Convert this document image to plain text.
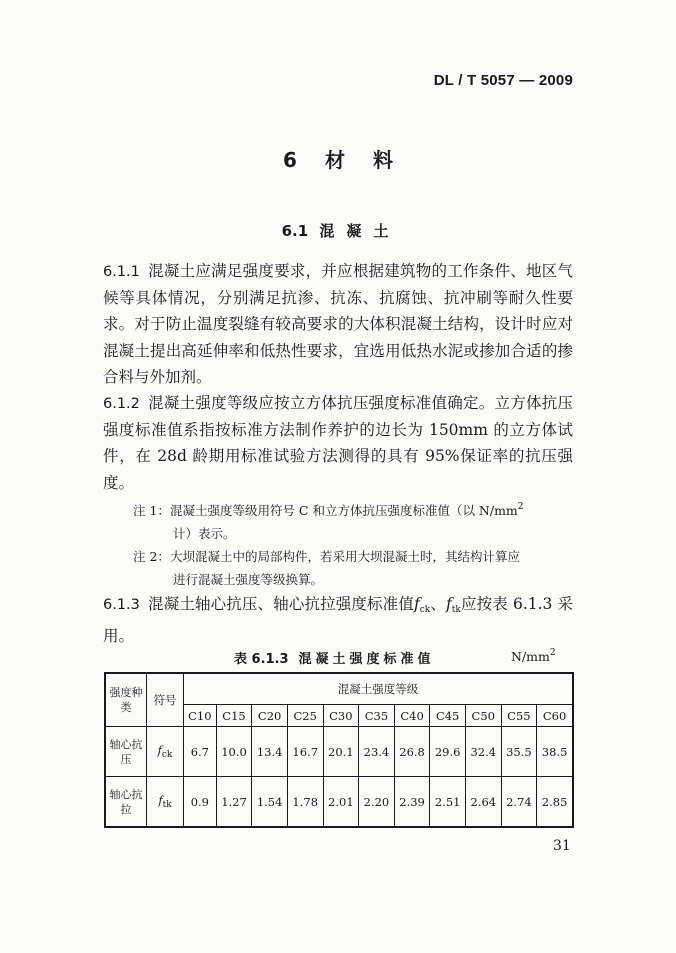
DL / T 5057 — 2009
6 材 料
6.1 混 凝 土

6.1.1 混凝土应满足强度要求，并应根据建筑物的工作条件、地区气候等具体情况，分别满足抗渗、抗冻、抗腐蚀、抗冲刷等耐久性要求。对于防止温度裂缝有较高要求的大体积混凝土结构，设计时应对混凝土提出高延伸率和低热性要求，宜选用低热水泥或掺加合适的掺合料与外加剂。

6.1.2 混凝土强度等级应按立方体抗压强度标准值确定。立方体抗压强度标准值系指按标准方法制作养护的边长为 150mm 的立方体试件，在 28d 龄期用标准试验方法测得的具有 95%保证率的抗压强度。

注 1：混凝土强度等级用符号 C 和立方体抗压强度标准值（以 $N/mm^2$
计）表示。
注 2：大坝混凝土中的局部构件，若采用大坝混凝土时，其结构计算应
进行混凝土强度等级换算。

6.1.3 混凝土轴心抗压、轴心抗拉强度标准值$f_{ck}$、$f_{tk}$应按表 6.1.3 采用。

表 6.1.3 混凝土强度标准值	$N/mm^2$
强度种类	符号	混凝土强度等级										
		C10	C15	C20	C25	C30	C35	C40	C45	C50	C55	C60
轴心抗压	$f_{ck}$	6.7	10.0	13.4	16.7	20.1	23.4	26.8	29.6	32.4	35.5	38.5
轴心抗拉	$f_{tk}$	0.9	1.27	1.54	1.78	2.01	2.20	2.39	2.51	2.64	2.74	2.85
31
